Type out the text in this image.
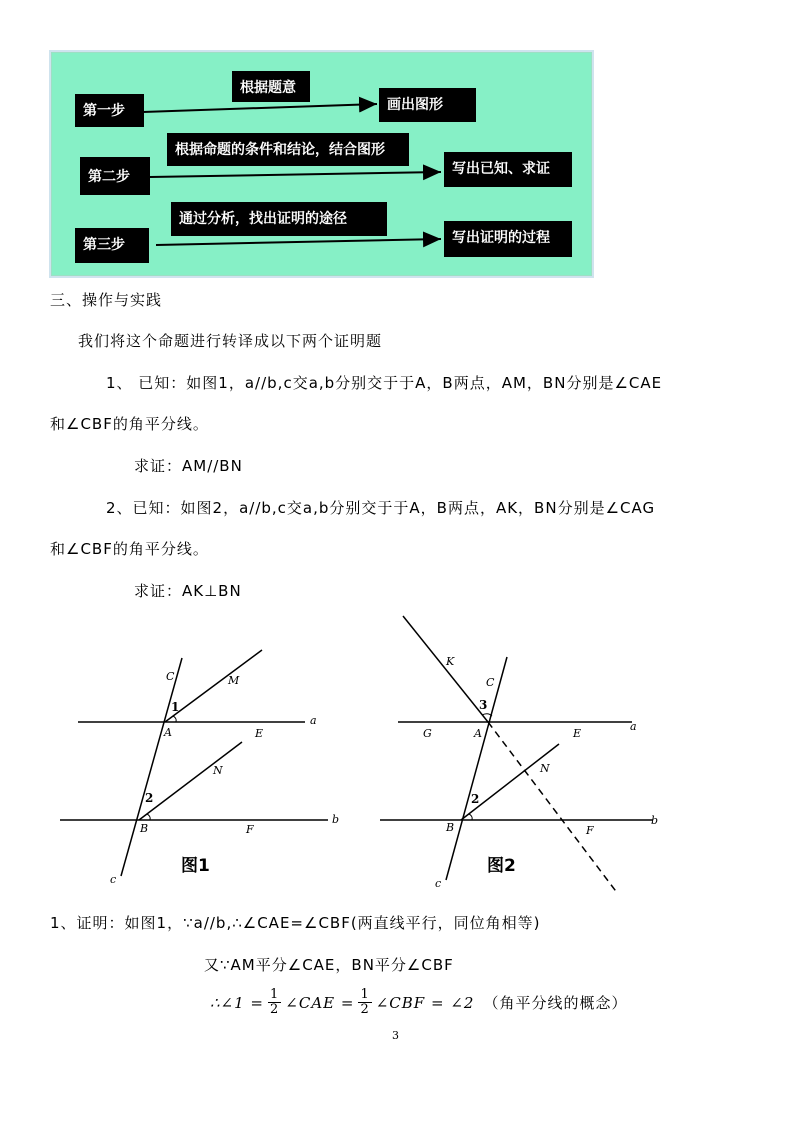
第一步
根据题意
画出图形
第二步
根据命题的条件和结论，结合图形
写出已知、求证
第三步
通过分析，找出证明的途径
写出证明的过程
三、操作与实践
我们将这个命题进行转译成以下两个证明题
1、 已知：如图1，a//b,c交a,b分别交于于A，B两点，AM，BN分别是∠CAE
和∠CBF的角平分线。
求证：AM//BN
2、已知：如图2，a//b,c交a,b分别交于于A，B两点，AK，BN分别是∠CAG
和∠CBF的角平分线。
求证：AK⊥BN
C	M
1
A	E
a
N
2
B	F
b
c
图1
K
C
3
G	A	E
a
N
2
B	F
b
c
图2
1、证明：如图1，∵a//b,∴∠CAE=∠CBF(两直线平行，同位角相等)
又∵AM平分∠CAE，BN平分∠CBF
∴∠1 = $\frac{1}{2}$ ∠CAE = $\frac{1}{2}$ ∠CBF = ∠2 （角平分线的概念）
3
